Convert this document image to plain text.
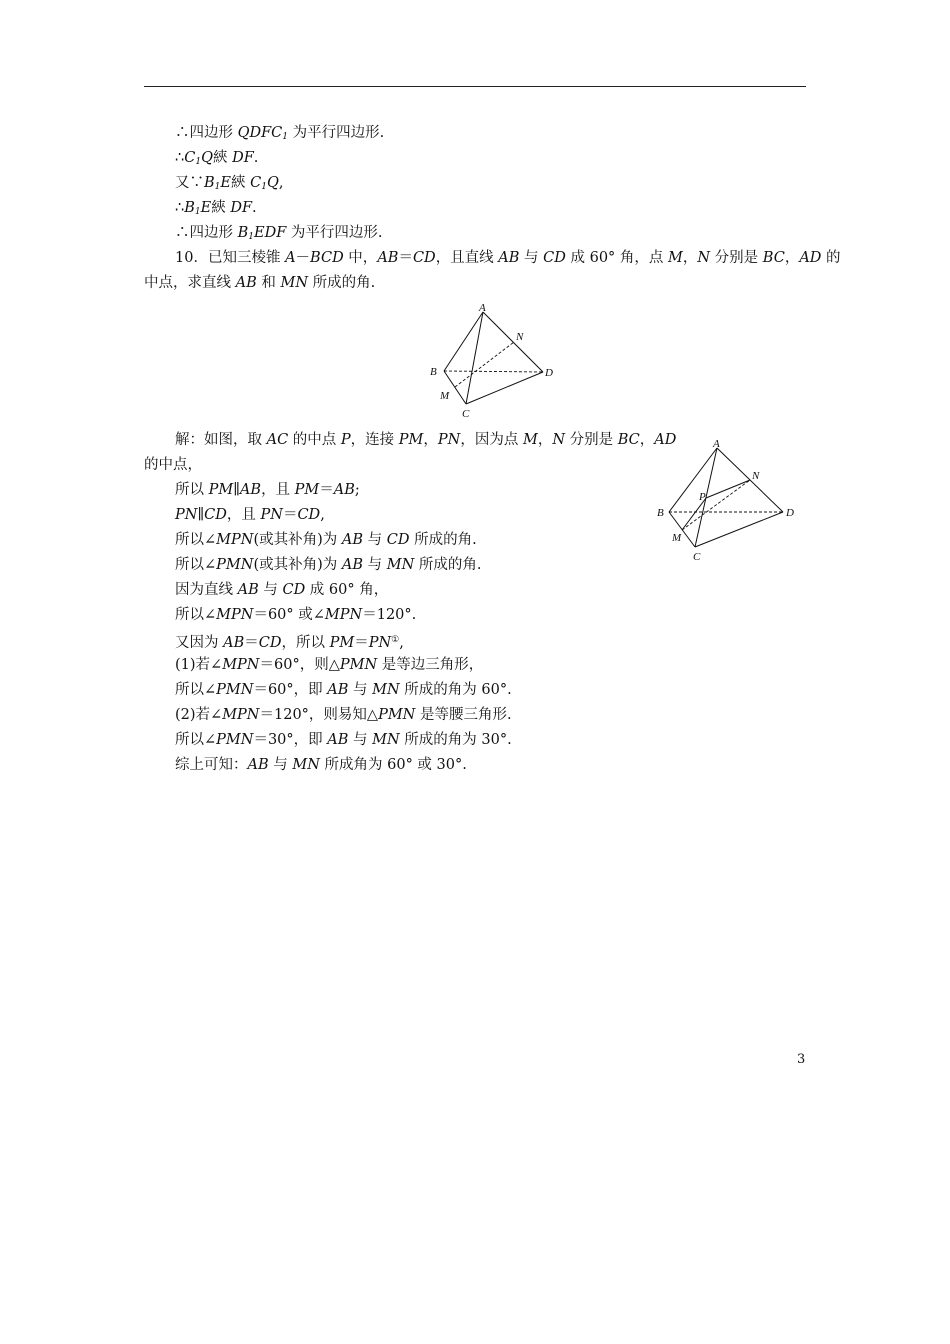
∴四边形 $QDFC_1$ 为平行四边形.
$\therefore C_1Q$綊 DF.
又$\because B_1E$綊 $C_1Q$,
$\therefore B_1E$綊 DF.
∴四边形 $B_1EDF$ 为平行四边形.
10．已知三棱锥 A－BCD 中，AB＝CD，且直线 AB 与 CD 成 60° 角，点 M，N 分别是 BC，AD 的
中点，求直线 AB 和 MN 所成的角.
解：如图，取 AC 的中点 P，连接 PM，PN，因为点 M，N 分别是 BC，AD
的中点，
所以 PM∥AB，且 PM＝AB;
PN∥CD，且 PN＝CD,
所以∠MPN(或其补角)为 AB 与 CD 所成的角.
所以∠PMN(或其补角)为 AB 与 MN 所成的角.
因为直线 AB 与 CD 成 60° 角，
所以∠MPN＝60° 或∠MPN＝120°.
又因为 AB＝CD，所以 PM＝PN①,
(1)若∠MPN＝60°，则△PMN 是等边三角形，
所以∠PMN＝60°，即 AB 与 MN 所成的角为 60°.
(2)若∠MPN＝120°，则易知△PMN 是等腰三角形.
所以∠PMN＝30°，即 AB 与 MN 所成的角为 30°.
综上可知：AB 与 MN 所成角为 60° 或 30°.
A
B
C
D
M
N
A
B
C
D
M
N
P
3
